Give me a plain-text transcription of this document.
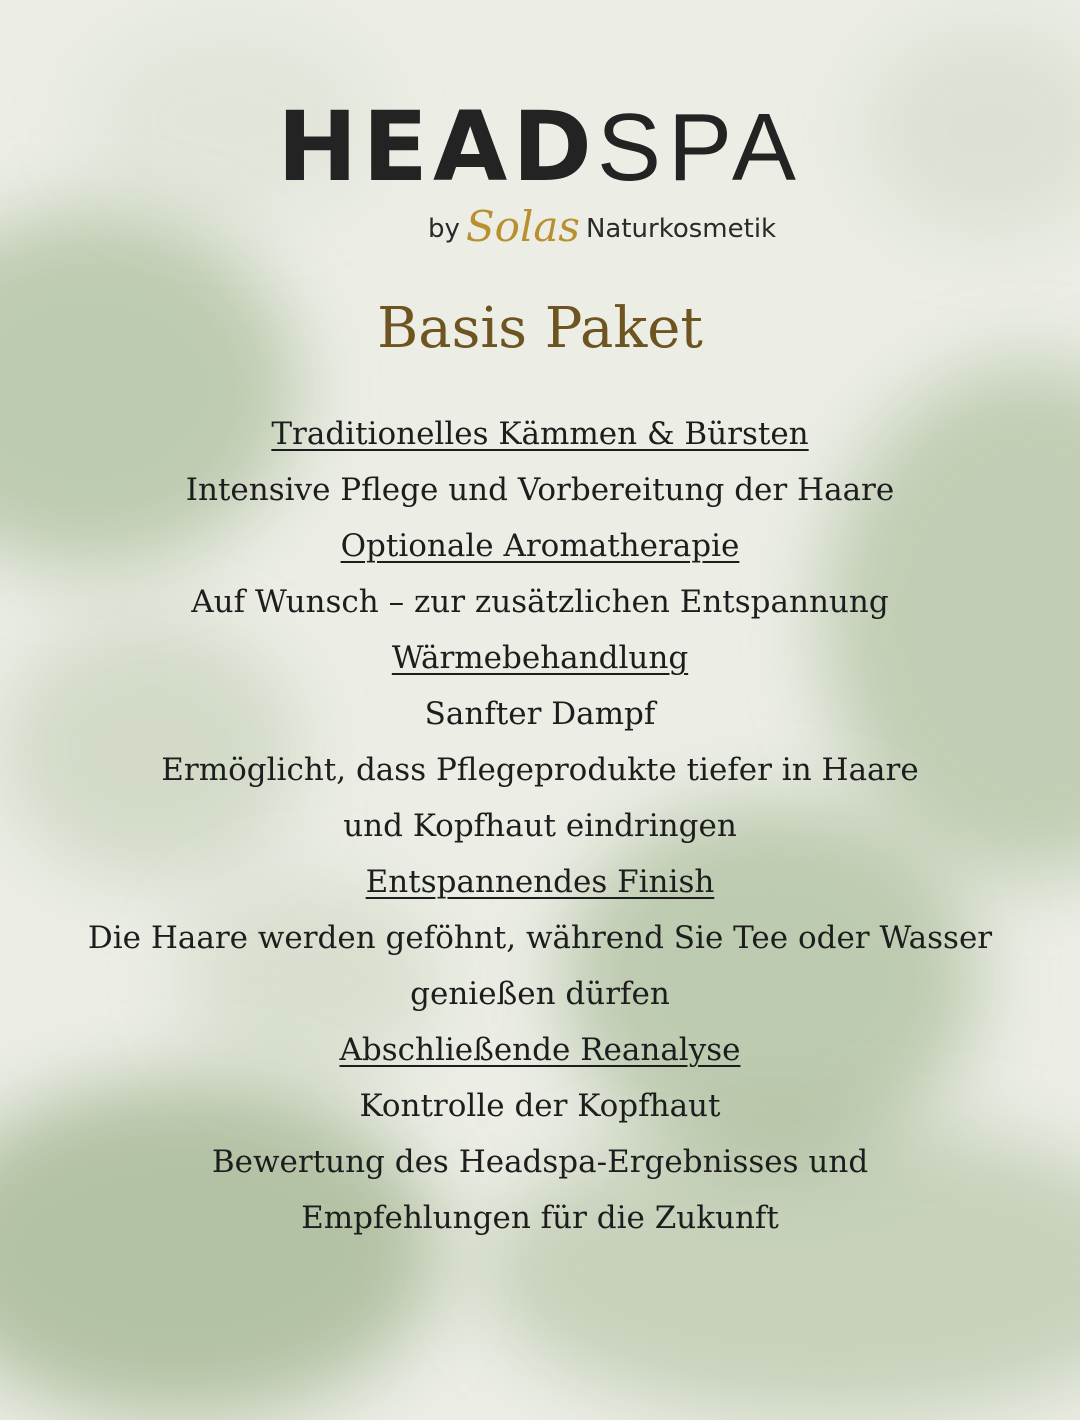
HEADSPA
by Solas Naturkosmetik
Basis Paket
Traditionelles Kämmen & Bürsten
Intensive Pflege und Vorbereitung der Haare
Optionale Aromatherapie
Auf Wunsch – zur zusätzlichen Entspannung
Wärmebehandlung
Sanfter Dampf
Ermöglicht, dass Pflegeprodukte tiefer in Haare
und Kopfhaut eindringen
Entspannendes Finish
Die Haare werden geföhnt, während Sie Tee oder Wasser
genießen dürfen
Abschließende Reanalyse
Kontrolle der Kopfhaut
Bewertung des Headspa-Ergebnisses und
Empfehlungen für die Zukunft
